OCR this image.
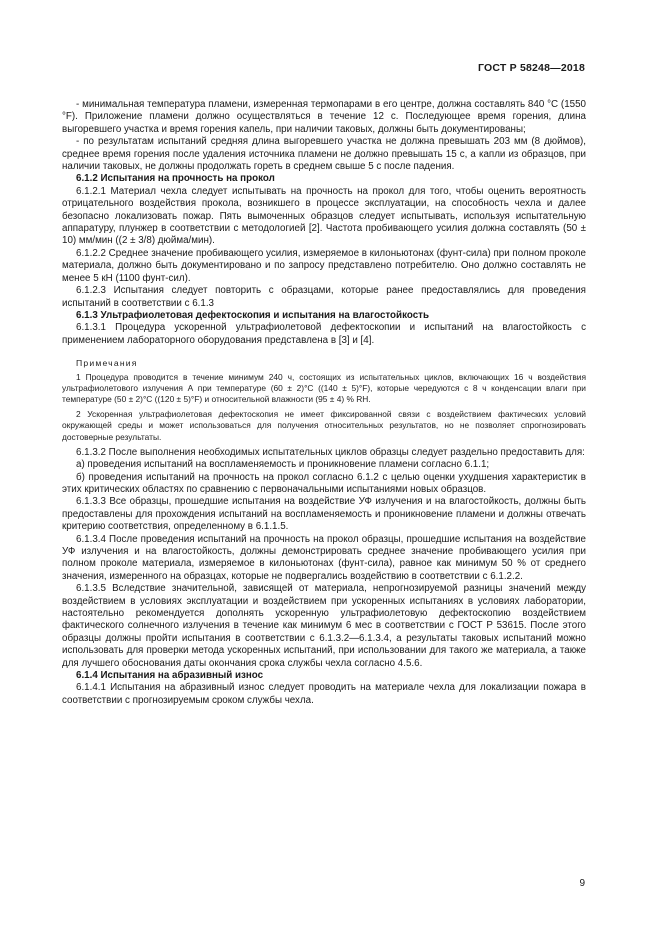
ГОСТ Р 58248—2018

- минимальная температура пламени, измеренная термопарами в его центре, должна составлять 840 °С (1550 °F). Приложение пламени должно осуществляться в течение 12 с. Последующее время горения, длина выгоревшего участка и время горения капель, при наличии таковых, должны быть документированы;

- по результатам испытаний средняя длина выгоревшего участка не должна превышать 203 мм (8 дюймов), среднее время горения после удаления источника пламени не должно превышать 15 с, а капли из образцов, при наличии таковых, не должны продолжать гореть в среднем свыше 5 с после падения.

6.1.2 Испытания на прочность на прокол

6.1.2.1 Материал чехла следует испытывать на прочность на прокол для того, чтобы оценить вероятность отрицательного воздействия прокола, возникшего в процессе эксплуатации, на способность чехла и далее безопасно локализовать пожар. Пять вымоченных образцов следует испытывать, используя испытательную аппаратуру, плунжер в соответствии с методологией [2]. Частота пробивающего усилия должна составлять (50 ± 10) мм/мин ((2 ± 3/8) дюйма/мин).

6.1.2.2 Среднее значение пробивающего усилия, измеряемое в килоньютонах (фунт-сила) при полном проколе материала, должно быть документировано и по запросу представлено потребителю. Оно должно составлять не менее 5 кН (1100 фунт-сил).

6.1.2.3 Испытания следует повторить с образцами, которые ранее предоставлялись для проведения испытаний в соответствии с 6.1.3

6.1.3 Ультрафиолетовая дефектоскопия и испытания на влагостойкость

6.1.3.1 Процедура ускоренной ультрафиолетовой дефектоскопии и испытаний на влагостойкость с применением лабораторного оборудования представлена в [3] и [4].

Примечания

1 Процедура проводится в течение минимум 240 ч, состоящих из испытательных циклов, включающих 16 ч воздействия ультрафиолетового излучения А при температуре (60 ± 2)°С ((140 ± 5)°F), которые чередуются с 8 ч конденсации влаги при температуре (50 ± 2)°С ((120 ± 5)°F) и относительной влажности (95 ± 4) % RH.

2 Ускоренная ультрафиолетовая дефектоскопия не имеет фиксированной связи с воздействием фактических условий окружающей среды и может использоваться для получения относительных результатов, но не позволяет спрогнозировать достоверные результаты.

6.1.3.2 После выполнения необходимых испытательных циклов образцы следует раздельно предоставить для:

а) проведения испытаний на воспламеняемость и проникновение пламени согласно 6.1.1;

б) проведения испытаний на прочность на прокол согласно 6.1.2 с целью оценки ухудшения характеристик в этих критических областях по сравнению с первоначальными испытаниями новых образцов.

6.1.3.3 Все образцы, прошедшие испытания на воздействие УФ излучения и на влагостойкость, должны быть предоставлены для прохождения испытаний на воспламеняемость и проникновение пламени и должны отвечать критерию соответствия, определенному в 6.1.1.5.

6.1.3.4 После проведения испытаний на прочность на прокол образцы, прошедшие испытания на воздействие УФ излучения и на влагостойкость, должны демонстрировать среднее значение пробивающего усилия при полном проколе материала, измеряемое в килоньютонах (фунт-сила), равное как минимум 50 % от среднего значения, измеренного на образцах, которые не подвергались воздействию в соответствии с 6.1.2.2.

6.1.3.5 Вследствие значительной, зависящей от материала, непрогнозируемой разницы значений между воздействием в условиях эксплуатации и воздействием при ускоренных испытаниях в условиях лаборатории, настоятельно рекомендуется дополнять ускоренную ультрафиолетовую дефектоскопию воздействием фактического солнечного излучения в течение как минимум 6 мес в соответствии с ГОСТ Р 53615. После этого образцы должны пройти испытания в соответствии с 6.1.3.2—6.1.3.4, а результаты таковых испытаний можно использовать для проверки метода ускоренных испытаний, при использовании для такого же материала, а также для лучшего обоснования даты окончания срока службы чехла согласно 4.5.6.

6.1.4 Испытания на абразивный износ

6.1.4.1 Испытания на абразивный износ следует проводить на материале чехла для локализации пожара в соответствии с прогнозируемым сроком службы чехла.

9
